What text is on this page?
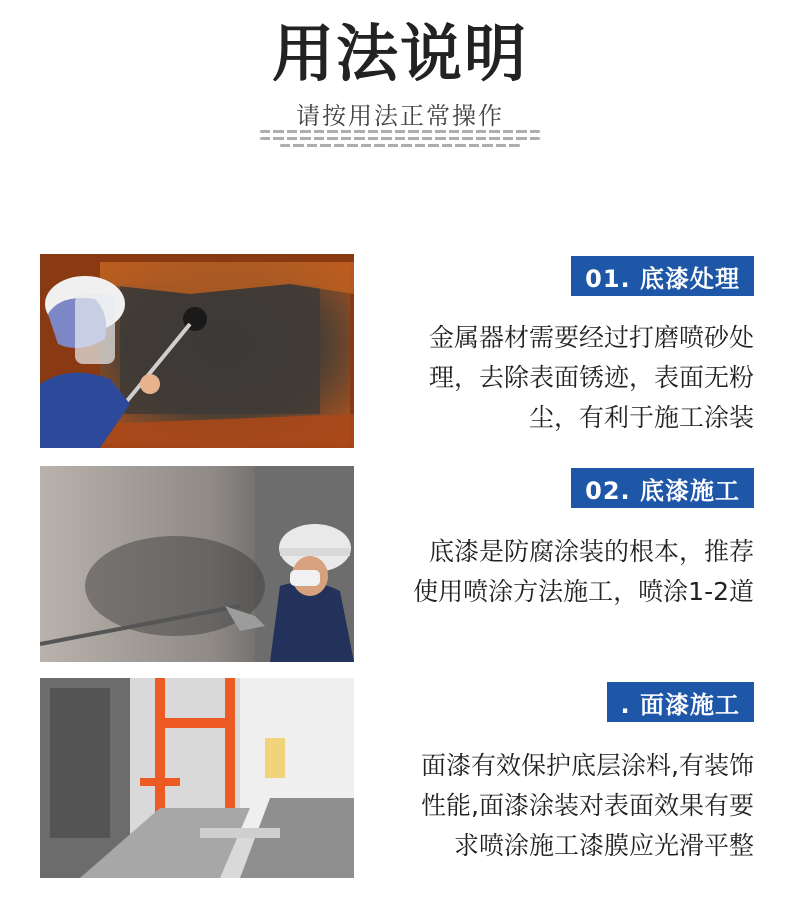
用法说明
请按用法正常操作
01. 底漆处理
金属器材需要经过打磨喷砂处
理，去除表面锈迹，表面无粉
尘，有利于施工涂装
02. 底漆施工
底漆是防腐涂装的根本，推荐
使用喷涂方法施工，喷涂1-2道
. 面漆施工
面漆有效保护底层涂料,有装饰
性能,面漆涂装对表面效果有要
求喷涂施工漆膜应光滑平整
